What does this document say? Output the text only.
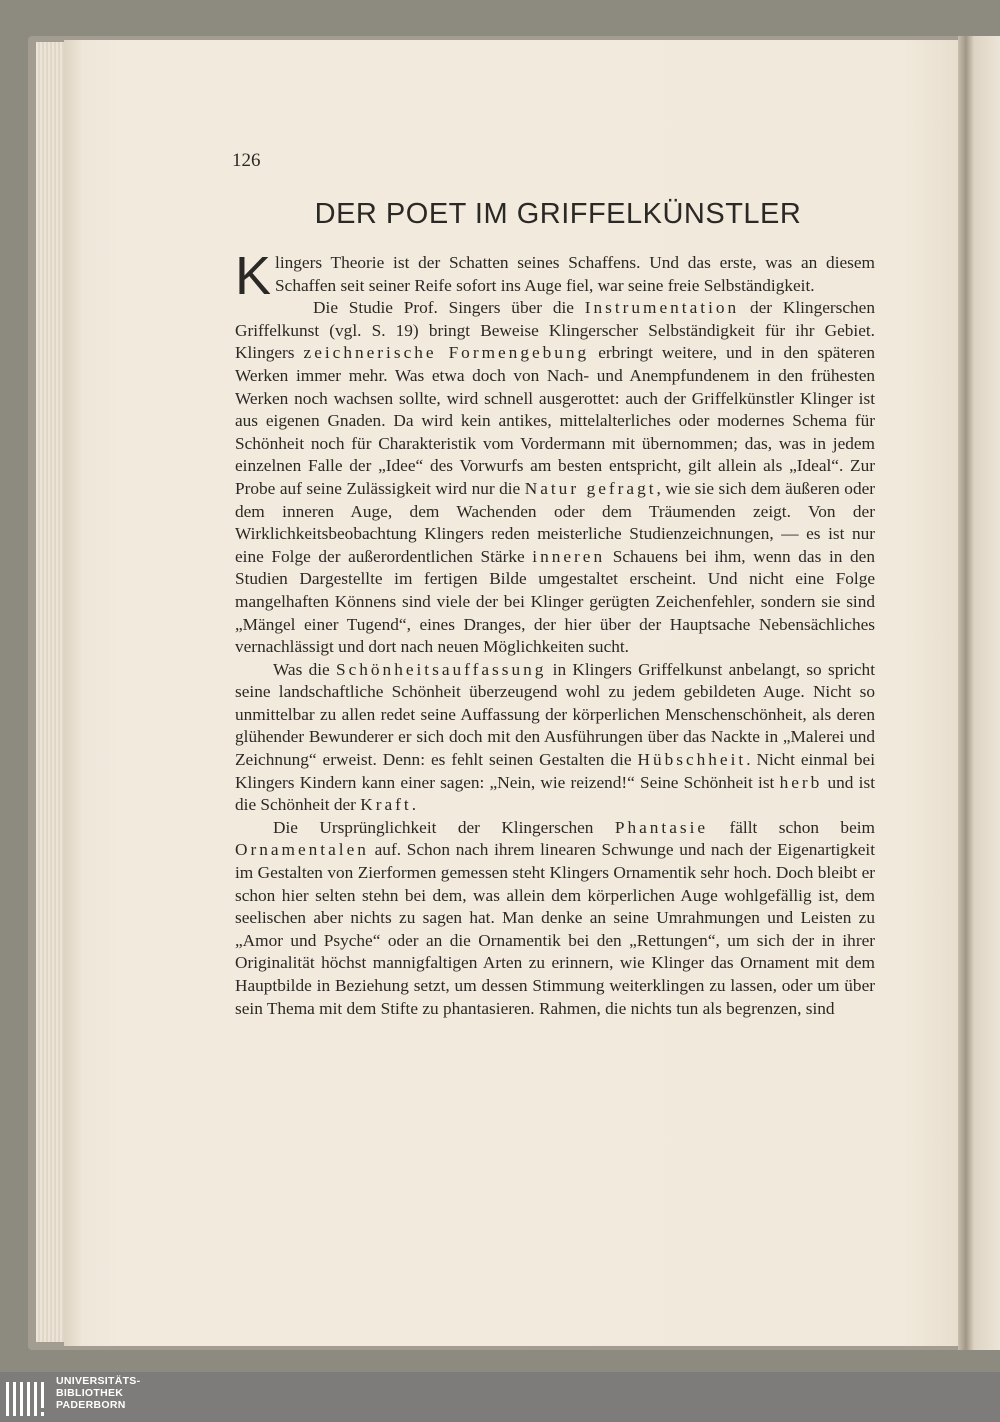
126
DER POET IM GRIFFELKÜNSTLER

Klingers Theorie ist der Schatten seines Schaffens. Und das erste, was an diesem Schaffen seit seiner Reife sofort ins Auge fiel, war seine freie Selbständigkeit.

Die Studie Prof. Singers über die Instrumentation der Klingerschen Griffelkunst (vgl. S. 19) bringt Beweise Klingerscher Selbständigkeit für ihr Gebiet. Klingers zeichnerische Formengebung erbringt weitere, und in den späteren Werken immer mehr. Was etwa doch von Nach- und Anempfundenem in den frühesten Werken noch wachsen sollte, wird schnell ausgerottet: auch der Griffelkünstler Klinger ist aus eigenen Gnaden. Da wird kein antikes, mittelalterliches oder modernes Schema für Schönheit noch für Charakteristik vom Vordermann mit übernommen; das, was in jedem einzelnen Falle der „Idee“ des Vorwurfs am besten entspricht, gilt allein als „Ideal“. Zur Probe auf seine Zulässigkeit wird nur die Natur gefragt, wie sie sich dem äußeren oder dem inneren Auge, dem Wachenden oder dem Träumenden zeigt. Von der Wirklichkeitsbeobachtung Klingers reden meisterliche Studienzeichnungen, — es ist nur eine Folge der außerordentlichen Stärke inneren Schauens bei ihm, wenn das in den Studien Dargestellte im fertigen Bilde umgestaltet erscheint. Und nicht eine Folge mangelhaften Könnens sind viele der bei Klinger gerügten Zeichenfehler, sondern sie sind „Mängel einer Tugend“, eines Dranges, der hier über der Hauptsache Nebensächliches vernachlässigt und dort nach neuen Möglichkeiten sucht.

Was die Schönheitsauffassung in Klingers Griffelkunst anbelangt, so spricht seine landschaftliche Schönheit überzeugend wohl zu jedem gebildeten Auge. Nicht so unmittelbar zu allen redet seine Auffassung der körperlichen Menschenschönheit, als deren glühender Bewunderer er sich doch mit den Ausführungen über das Nackte in „Malerei und Zeichnung“ erweist. Denn: es fehlt seinen Gestalten die Hübschheit. Nicht einmal bei Klingers Kindern kann einer sagen: „Nein, wie reizend!“ Seine Schönheit ist herb und ist die Schönheit der Kraft.

Die Ursprünglichkeit der Klingerschen Phantasie fällt schon beim Ornamentalen auf. Schon nach ihrem linearen Schwunge und nach der Eigenartigkeit im Gestalten von Zierformen gemessen steht Klingers Ornamentik sehr hoch. Doch bleibt er schon hier selten stehn bei dem, was allein dem körperlichen Auge wohlgefällig ist, dem seelischen aber nichts zu sagen hat. Man denke an seine Umrahmungen und Leisten zu „Amor und Psyche“ oder an die Ornamentik bei den „Rettungen“, um sich der in ihrer Originalität höchst mannigfaltigen Arten zu erinnern, wie Klinger das Ornament mit dem Hauptbilde in Beziehung setzt, um dessen Stimmung weiterklingen zu lassen, oder um über sein Thema mit dem Stifte zu phantasieren. Rahmen, die nichts tun als begrenzen, sind

UNIVERSITÄTS-
BIBLIOTHEK
PADERBORN
